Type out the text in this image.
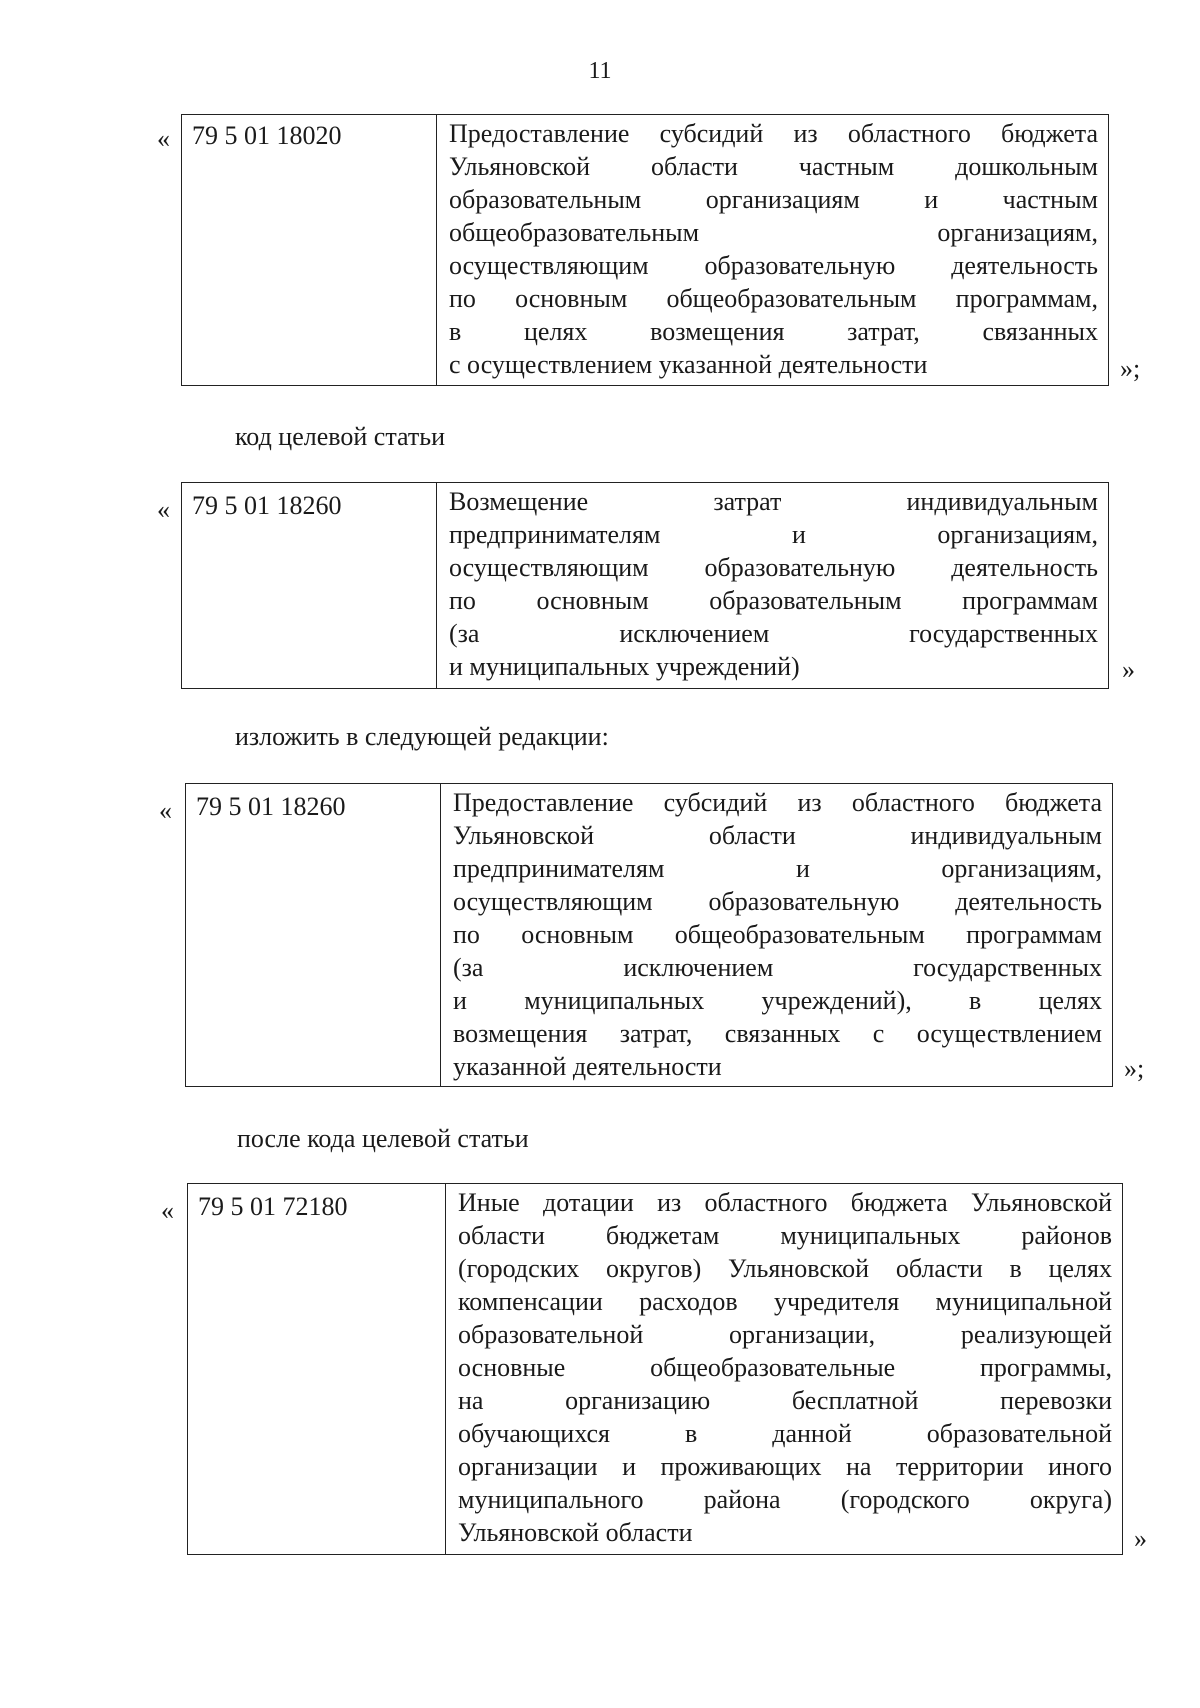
11
« 79 5 01 18020	Предоставление субсидий из областного бюджета
Ульяновской области частным дошкольным
образовательным организациям и частным
общеобразовательным организациям,
осуществляющим образовательную деятельность
по основным общеобразовательным программам,
в целях возмещения затрат, связанных
с осуществлением указанной деятельности	»;
код целевой статьи
« 79 5 01 18260	Возмещение затрат индивидуальным
предпринимателям и организациям,
осуществляющим образовательную деятельность
по основным образовательным программам
(за исключением государственных
и муниципальных учреждений)	»
изложить в следующей редакции:
« 79 5 01 18260	Предоставление субсидий из областного бюджета
Ульяновской области индивидуальным
предпринимателям и организациям,
осуществляющим образовательную деятельность
по основным общеобразовательным программам
(за исключением государственных
и муниципальных учреждений), в целях
возмещения затрат, связанных с осуществлением
указанной деятельности	»;
после кода целевой статьи
« 79 5 01 72180	Иные дотации из областного бюджета Ульяновской
области бюджетам муниципальных районов
(городских округов) Ульяновской области в целях
компенсации расходов учредителя муниципальной
образовательной организации, реализующей
основные общеобразовательные программы,
на организацию бесплатной перевозки
обучающихся в данной образовательной
организации и проживающих на территории иного
муниципального района (городского округа)
Ульяновской области	»
